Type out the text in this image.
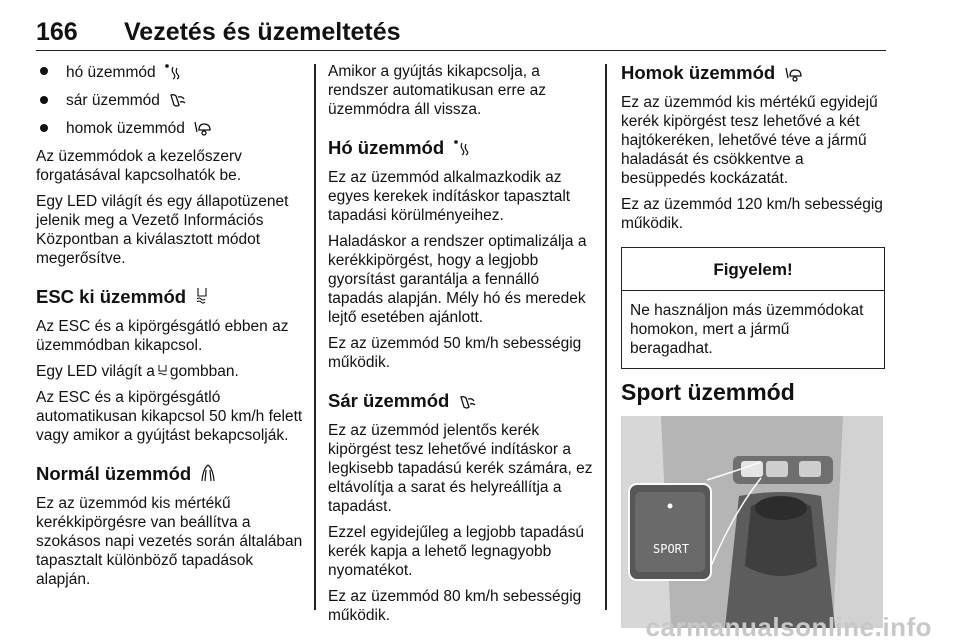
166 Vezetés és üzemeltetés
hó üzemmód
sár üzemmód
homok üzemmód

Az üzemmódok a kezelőszerv forgatásával kapcsolhatók be.

Egy LED világít és egy állapotüzenet jelenik meg a Vezető Információs Központban a kiválasztott módot megerősítve.

ESC ki üzemmód

Az ESC és a kipörgésgátló ebben az üzemmódban kikapcsol.

Egy LED világít a gombban.

Az ESC és a kipörgésgátló automatikusan kikapcsol 50 km/h felett vagy amikor a gyújtást bekapcsolják.

Normál üzemmód

Ez az üzemmód kis mértékű kerékkipörgésre van beállítva a szokásos napi vezetés során általában tapasztalt különböző tapadások alapján.

Amikor a gyújtás kikapcsolja, a rendszer automatikusan erre az üzemmódra áll vissza.

Hó üzemmód

Ez az üzemmód alkalmazkodik az egyes kerekek indításkor tapasztalt tapadási körülményeihez.

Haladáskor a rendszer optimalizálja a kerékkipörgést, hogy a legjobb gyorsítást garantálja a fennálló tapadás alapján. Mély hó és meredek lejtő esetében ajánlott.

Ez az üzemmód 50 km/h sebességig működik.

Sár üzemmód

Ez az üzemmód jelentős kerék kipörgést tesz lehetővé indításkor a legkisebb tapadású kerék számára, ez eltávolítja a sarat és helyreállítja a tapadást.

Ezzel egyidejűleg a legjobb tapadású kerék kapja a lehető legnagyobb nyomatékot.

Ez az üzemmód 80 km/h sebességig működik.

Homok üzemmód

Ez az üzemmód kis mértékű egyidejű kerék kipörgést tesz lehetővé a két hajtókeréken, lehetővé téve a jármű haladását és csökkentve a besüppedés kockázatát.

Ez az üzemmód 120 km/h sebességig működik.

Figyelem!
Ne használjon más üzemmódokat homokon, mert a jármű beragadhat.
Sport üzemmód
SPORT
carmanualsonline.info
